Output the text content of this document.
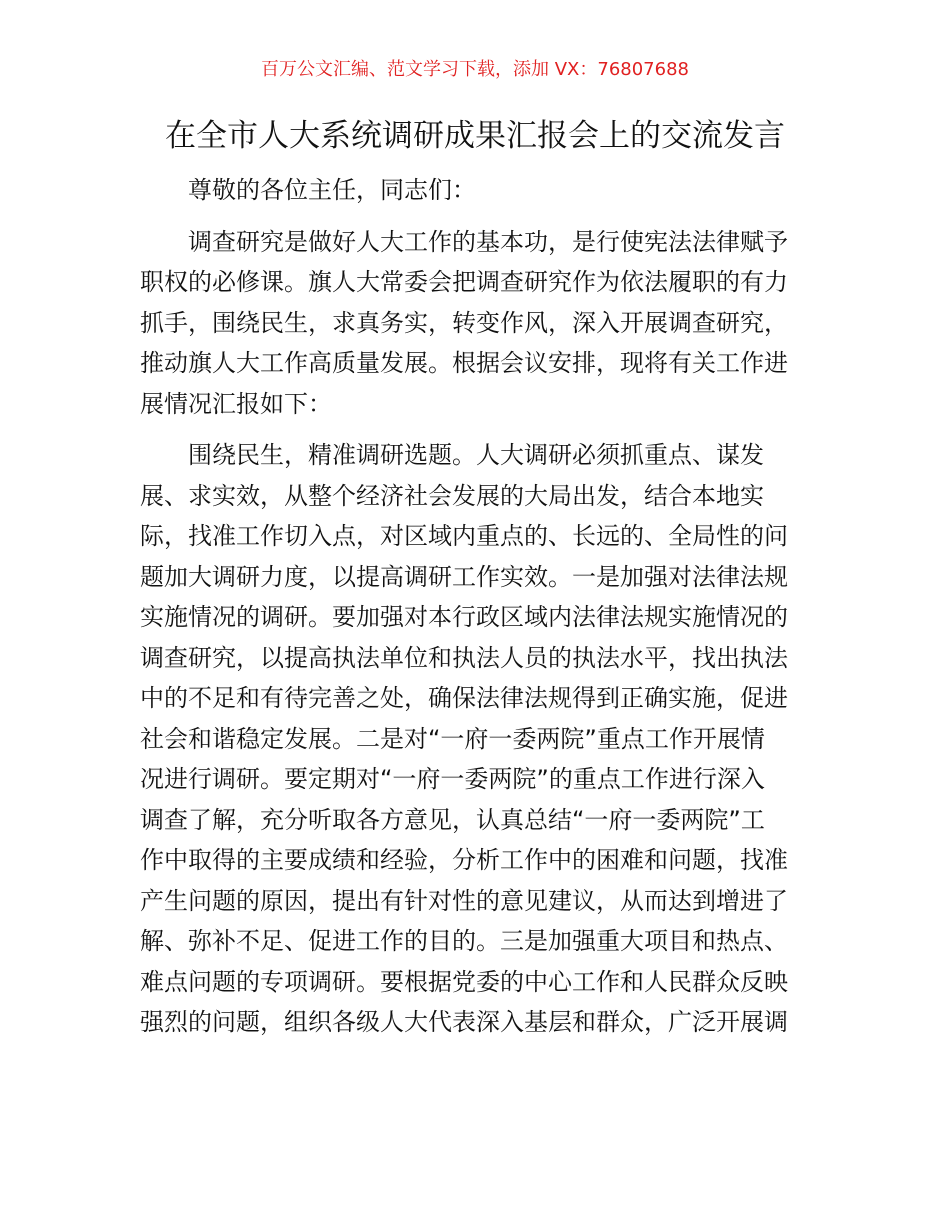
百万公文汇编、范文学习下载，添加 VX：76807688
在全市人大系统调研成果汇报会上的交流发言

尊敬的各位主任，同志们：

调查研究是做好人大工作的基本功，是行使宪法法律赋予
职权的必修课。旗人大常委会把调查研究作为依法履职的有力
抓手，围绕民生，求真务实，转变作风，深入开展调查研究，
推动旗人大工作高质量发展。根据会议安排，现将有关工作进
展情况汇报如下：

围绕民生，精准调研选题。人大调研必须抓重点、谋发
展、求实效，从整个经济社会发展的大局出发，结合本地实
际，找准工作切入点，对区域内重点的、长远的、全局性的问
题加大调研力度，以提高调研工作实效。一是加强对法律法规
实施情况的调研。要加强对本行政区域内法律法规实施情况的
调查研究，以提高执法单位和执法人员的执法水平，找出执法
中的不足和有待完善之处，确保法律法规得到正确实施，促进
社会和谐稳定发展。二是对“一府一委两院”重点工作开展情
况进行调研。要定期对“一府一委两院”的重点工作进行深入
调查了解，充分听取各方意见，认真总结“一府一委两院”工
作中取得的主要成绩和经验，分析工作中的困难和问题，找准
产生问题的原因，提出有针对性的意见建议，从而达到增进了
解、弥补不足、促进工作的目的。三是加强重大项目和热点、
难点问题的专项调研。要根据党委的中心工作和人民群众反映
强烈的问题，组织各级人大代表深入基层和群众，广泛开展调
